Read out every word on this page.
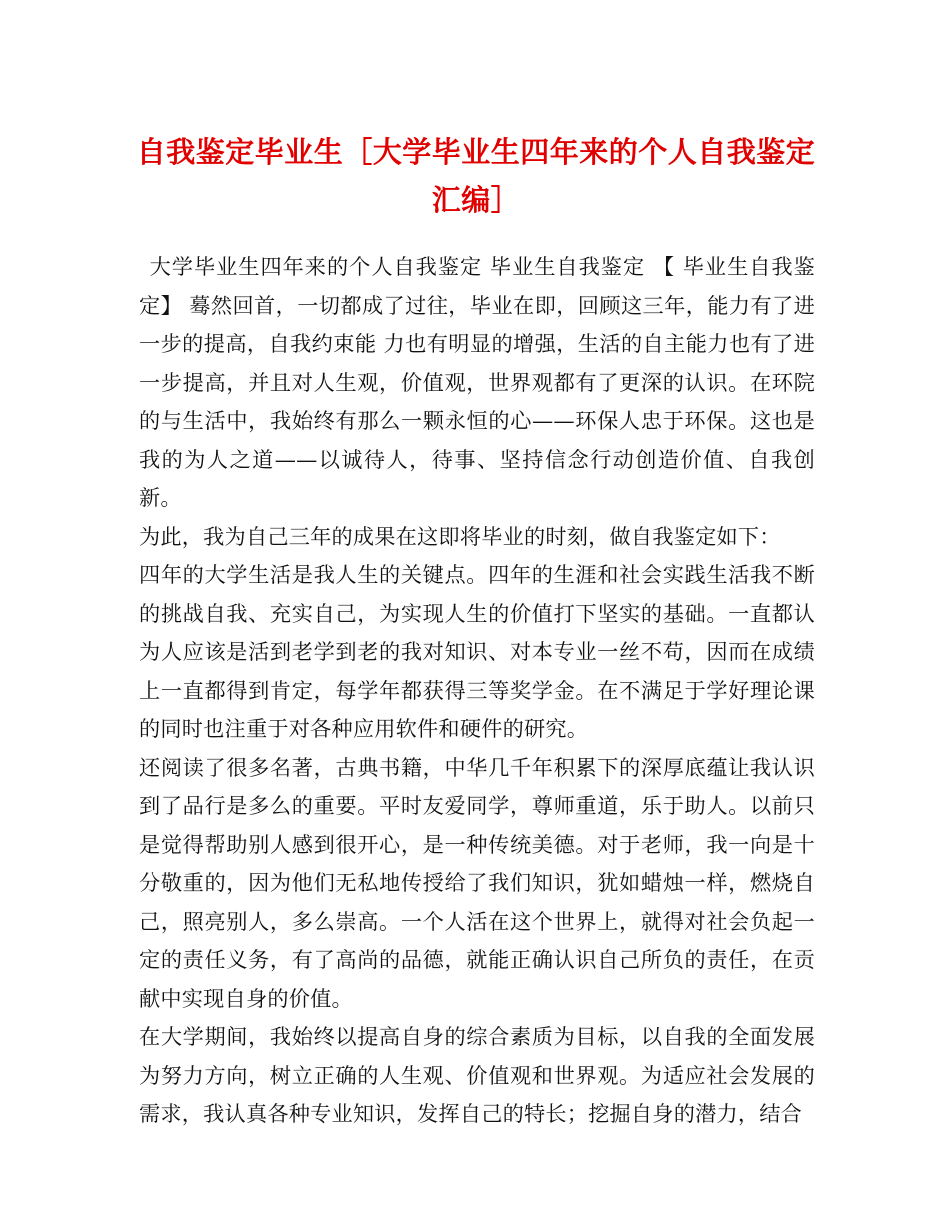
自我鉴定毕业生［大学毕业生四年来的个人自我鉴定汇编］

大学毕业生四年来的个人自我鉴定 毕业生自我鉴定 【 毕业生自我鉴定】 蓦然回首，一切都成了过往，毕业在即，回顾这三年，能力有了进一步的提高，自我约束能 力也有明显的增强，生活的自主能力也有了进一步提高，并且对人生观，价值观，世界观都有了更深的认识。在环院的与生活中，我始终有那么一颗永恒的心——环保人忠于环保。这也是我的为人之道——以诚待人，待事、坚持信念行动创造价值、自我创新。

为此，我为自己三年的成果在这即将毕业的时刻，做自我鉴定如下：

四年的大学生活是我人生的关键点。四年的生涯和社会实践生活我不断的挑战自我、充实自己，为实现人生的价值打下坚实的基础。一直都认为人应该是活到老学到老的我对知识、对本专业一丝不苟，因而在成绩上一直都得到肯定，每学年都获得三等奖学金。在不满足于学好理论课的同时也注重于对各种应用软件和硬件的研究。

还阅读了很多名著，古典书籍，中华几千年积累下的深厚底蕴让我认识到了品行是多么的重要。平时友爱同学，尊师重道，乐于助人。以前只是觉得帮助别人感到很开心，是一种传统美德。对于老师，我一向是十分敬重的，因为他们无私地传授给了我们知识，犹如蜡烛一样，燃烧自己，照亮别人，多么崇高。一个人活在这个世界上，就得对社会负起一定的责任义务，有了高尚的品德，就能正确认识自己所负的责任，在贡献中实现自身的价值。

在大学期间，我始终以提高自身的综合素质为目标，以自我的全面发展为努力方向，树立正确的人生观、价值观和世界观。为适应社会发展的需求，我认真各种专业知识，发挥自己的特长；挖掘自身的潜力，结合
